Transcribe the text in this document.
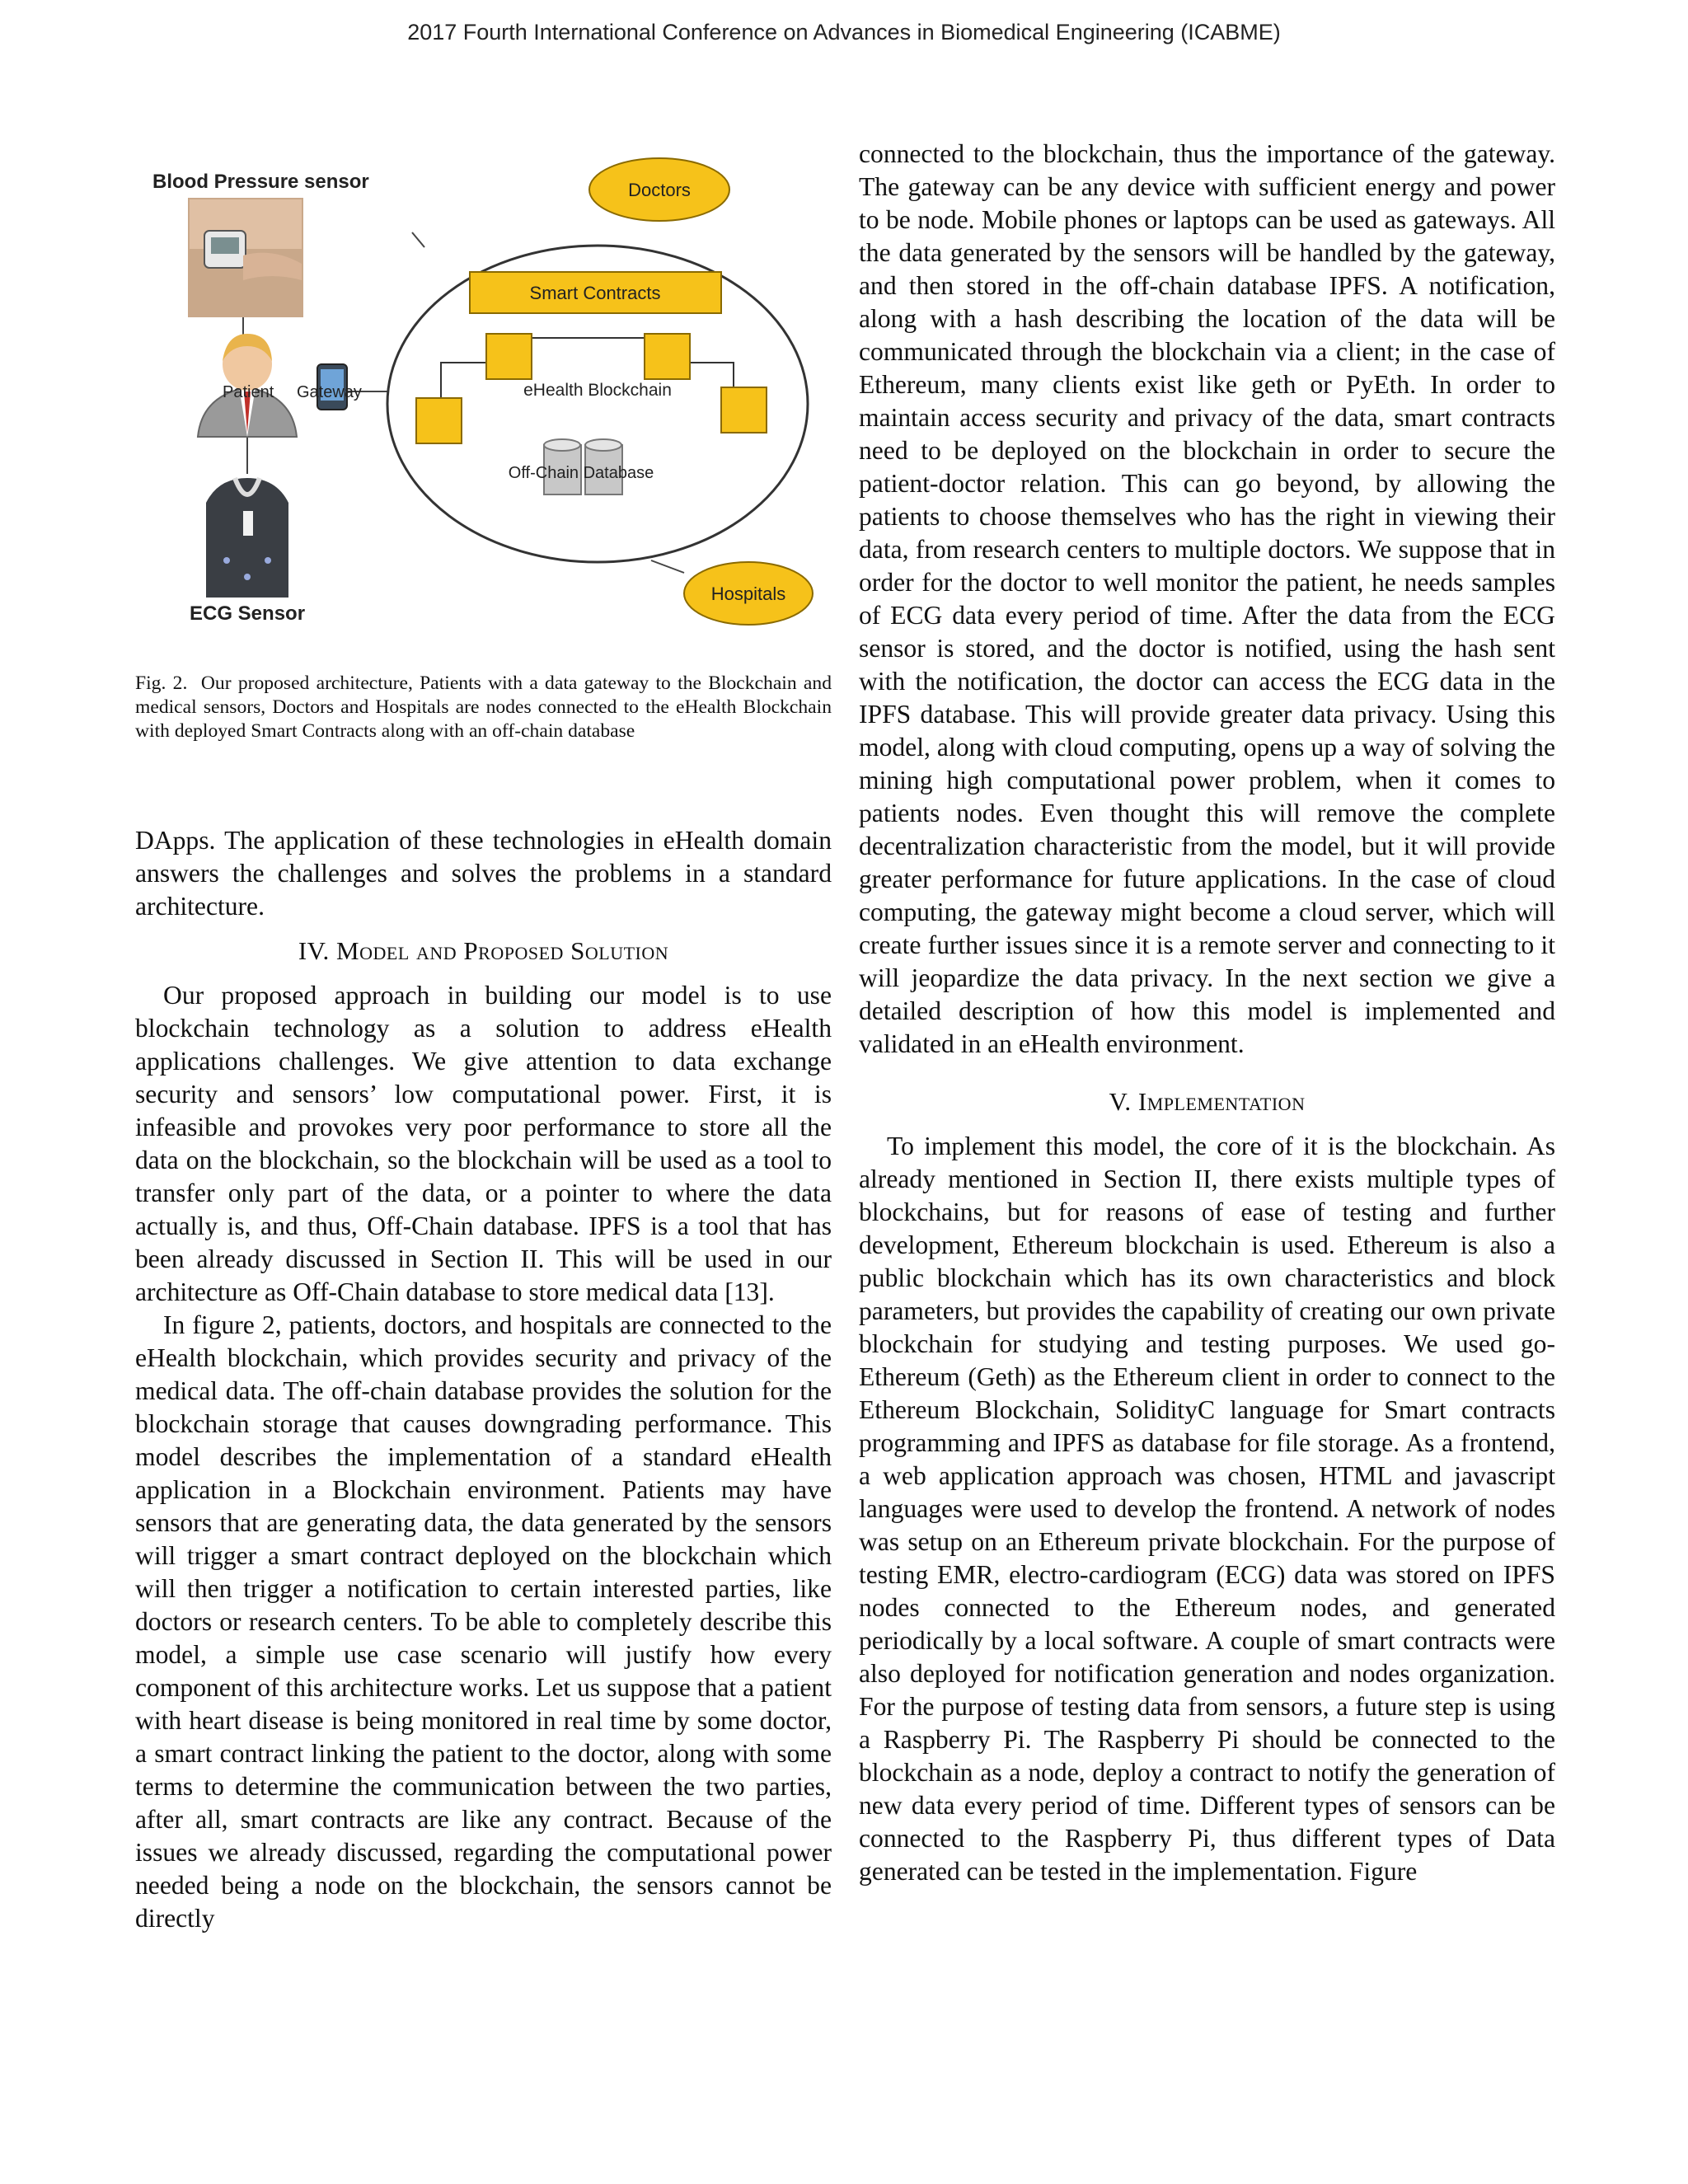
2017 Fourth International Conference on Advances in Biomedical Engineering (ICABME)
Blood Pressure sensor
Patient Gateway
ECG Sensor
Doctors
Smart Contracts
eHealth Blockchain
Off-Chain Database
Hospitals
Fig. 2. Our proposed architecture, Patients with a data gateway to the Blockchain and medical sensors, Doctors and Hospitals are nodes connected to the eHealth Blockchain with deployed Smart Contracts along with an off-chain database

DApps. The application of these technologies in eHealth domain answers the challenges and solves the problems in a standard architecture.

IV. Model and Proposed Solution

Our proposed approach in building our model is to use blockchain technology as a solution to address eHealth applications challenges. We give attention to data exchange security and sensors’ low computational power. First, it is infeasible and provokes very poor performance to store all the data on the blockchain, so the blockchain will be used as a tool to transfer only part of the data, or a pointer to where the data actually is, and thus, Off-Chain database. IPFS is a tool that has been already discussed in Section II. This will be used in our architecture as Off-Chain database to store medical data [13].

In figure 2, patients, doctors, and hospitals are connected to the eHealth blockchain, which provides security and privacy of the medical data. The off-chain database provides the solution for the blockchain storage that causes downgrading performance. This model describes the implementation of a standard eHealth application in a Blockchain environment. Patients may have sensors that are generating data, the data generated by the sensors will trigger a smart contract deployed on the blockchain which will then trigger a notification to certain interested parties, like doctors or research centers. To be able to completely describe this model, a simple use case scenario will justify how every component of this architecture works. Let us suppose that a patient with heart disease is being monitored in real time by some doctor, a smart contract linking the patient to the doctor, along with some terms to determine the communication between the two parties, after all, smart contracts are like any contract. Because of the issues we already discussed, regarding the computational power needed being a node on the blockchain, the sensors cannot be directly

connected to the blockchain, thus the importance of the gateway. The gateway can be any device with sufficient energy and power to be node. Mobile phones or laptops can be used as gateways. All the data generated by the sensors will be handled by the gateway, and then stored in the off-chain database IPFS. A notification, along with a hash describing the location of the data will be communicated through the blockchain via a client; in the case of Ethereum, many clients exist like geth or PyEth. In order to maintain access security and privacy of the data, smart contracts need to be deployed on the blockchain in order to secure the patient-doctor relation. This can go beyond, by allowing the patients to choose themselves who has the right in viewing their data, from research centers to multiple doctors. We suppose that in order for the doctor to well monitor the patient, he needs samples of ECG data every period of time. After the data from the ECG sensor is stored, and the doctor is notified, using the hash sent with the notification, the doctor can access the ECG data in the IPFS database. This will provide greater data privacy. Using this model, along with cloud computing, opens up a way of solving the mining high computational power problem, when it comes to patients nodes. Even thought this will remove the complete decentralization characteristic from the model, but it will provide greater performance for future applications. In the case of cloud computing, the gateway might become a cloud server, which will create further issues since it is a remote server and connecting to it will jeopardize the data privacy. In the next section we give a detailed description of how this model is implemented and validated in an eHealth environment.

V. Implementation

To implement this model, the core of it is the blockchain. As already mentioned in Section II, there exists multiple types of blockchains, but for reasons of ease of testing and further development, Ethereum blockchain is used. Ethereum is also a public blockchain which has its own characteristics and block parameters, but provides the capability of creating our own private blockchain for studying and testing purposes. We used go-Ethereum (Geth) as the Ethereum client in order to connect to the Ethereum Blockchain, SolidityC language for Smart contracts programming and IPFS as database for file storage. As a frontend, a web application approach was chosen, HTML and javascript languages were used to develop the frontend. A network of nodes was setup on an Ethereum private blockchain. For the purpose of testing EMR, electro-cardiogram (ECG) data was stored on IPFS nodes connected to the Ethereum nodes, and generated periodically by a local software. A couple of smart contracts were also deployed for notification generation and nodes organization. For the purpose of testing data from sensors, a future step is using a Raspberry Pi. The Raspberry Pi should be connected to the blockchain as a node, deploy a contract to notify the generation of new data every period of time. Different types of sensors can be connected to the Raspberry Pi, thus different types of Data generated can be tested in the implementation. Figure
